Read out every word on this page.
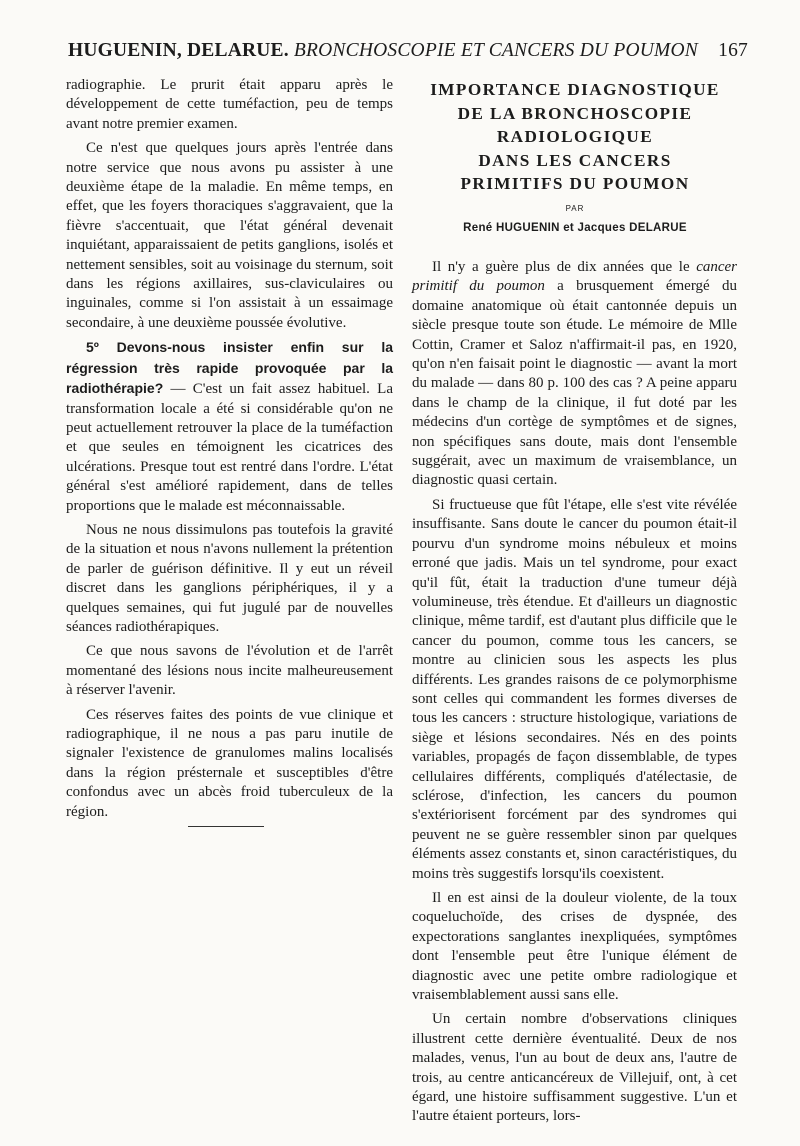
HUGUENIN, DELARUE. BRONCHOSCOPIE ET CANCERS DU POUMON 167

radiographie. Le prurit était apparu après le développement de cette tuméfaction, peu de temps avant notre premier examen.

Ce n'est que quelques jours après l'entrée dans notre service que nous avons pu assister à une deuxième étape de la maladie. En même temps, en effet, que les foyers thoraciques s'aggravaient, que la fièvre s'accentuait, que l'état général devenait inquiétant, apparaissaient de petits ganglions, isolés et nettement sensibles, soit au voisinage du sternum, soit dans les régions axillaires, sus-claviculaires ou inguinales, comme si l'on assistait à un essaimage secondaire, à une deuxième poussée évolutive.

5º Devons-nous insister enfin sur la régression très rapide provoquée par la radiothérapie? — C'est un fait assez habituel. La transformation locale a été si considérable qu'on ne peut actuellement retrouver la place de la tuméfaction et que seules en témoignent les cicatrices des ulcérations. Presque tout est rentré dans l'ordre. L'état général s'est amélioré rapidement, dans de telles proportions que le malade est méconnaissable.

Nous ne nous dissimulons pas toutefois la gravité de la situation et nous n'avons nullement la prétention de parler de guérison définitive. Il y eut un réveil discret dans les ganglions périphériques, il y a quelques semaines, qui fut jugulé par de nouvelles séances radiothérapiques.

Ce que nous savons de l'évolution et de l'arrêt momentané des lésions nous incite malheureusement à réserver l'avenir.

Ces réserves faites des points de vue clinique et radiographique, il ne nous a pas paru inutile de signaler l'existence de granulomes malins localisés dans la région présternale et susceptibles d'être confondus avec un abcès froid tuberculeux de la région.

IMPORTANCE DIAGNOSTIQUE
DE LA BRONCHOSCOPIE
RADIOLOGIQUE
DANS LES CANCERS
PRIMITIFS DU POUMON
PAR
René HUGUENIN et Jacques DELARUE

Il n'y a guère plus de dix années que le cancer primitif du poumon a brusquement émergé du domaine anatomique où était cantonnée depuis un siècle presque toute son étude. Le mémoire de Mlle Cottin, Cramer et Saloz n'affirmait-il pas, en 1920, qu'on n'en faisait point le diagnostic — avant la mort du malade — dans 80 p. 100 des cas ? A peine apparu dans le champ de la clinique, il fut doté par les médecins d'un cortège de symptômes et de signes, non spécifiques sans doute, mais dont l'ensemble suggérait, avec un maximum de vraisemblance, un diagnostic quasi certain.

Si fructueuse que fût l'étape, elle s'est vite révélée insuffisante. Sans doute le cancer du poumon était-il pourvu d'un syndrome moins nébuleux et moins erroné que jadis. Mais un tel syndrome, pour exact qu'il fût, était la traduction d'une tumeur déjà volumineuse, très étendue. Et d'ailleurs un diagnostic clinique, même tardif, est d'autant plus difficile que le cancer du poumon, comme tous les cancers, se montre au clinicien sous les aspects les plus différents. Les grandes raisons de ce polymorphisme sont celles qui commandent les formes diverses de tous les cancers : structure histologique, variations de siège et lésions secondaires. Nés en des points variables, propagés de façon dissemblable, de types cellulaires différents, compliqués d'atélectasie, de sclérose, d'infection, les cancers du poumon s'extériorisent forcément par des syndromes qui peuvent ne se guère ressembler sinon par quelques éléments assez constants et, sinon caractéristiques, du moins très suggestifs lorsqu'ils coexistent.

Il en est ainsi de la douleur violente, de la toux coqueluchoïde, des crises de dyspnée, des expectorations sanglantes inexpliquées, symptômes dont l'ensemble peut être l'unique élément de diagnostic avec une petite ombre radiologique et vraisemblablement aussi sans elle.

Un certain nombre d'observations cliniques illustrent cette dernière éventualité. Deux de nos malades, venus, l'un au bout de deux ans, l'autre de trois, au centre anticancéreux de Villejuif, ont, à cet égard, une histoire suffisamment suggestive. L'un et l'autre étaient porteurs, lors-
